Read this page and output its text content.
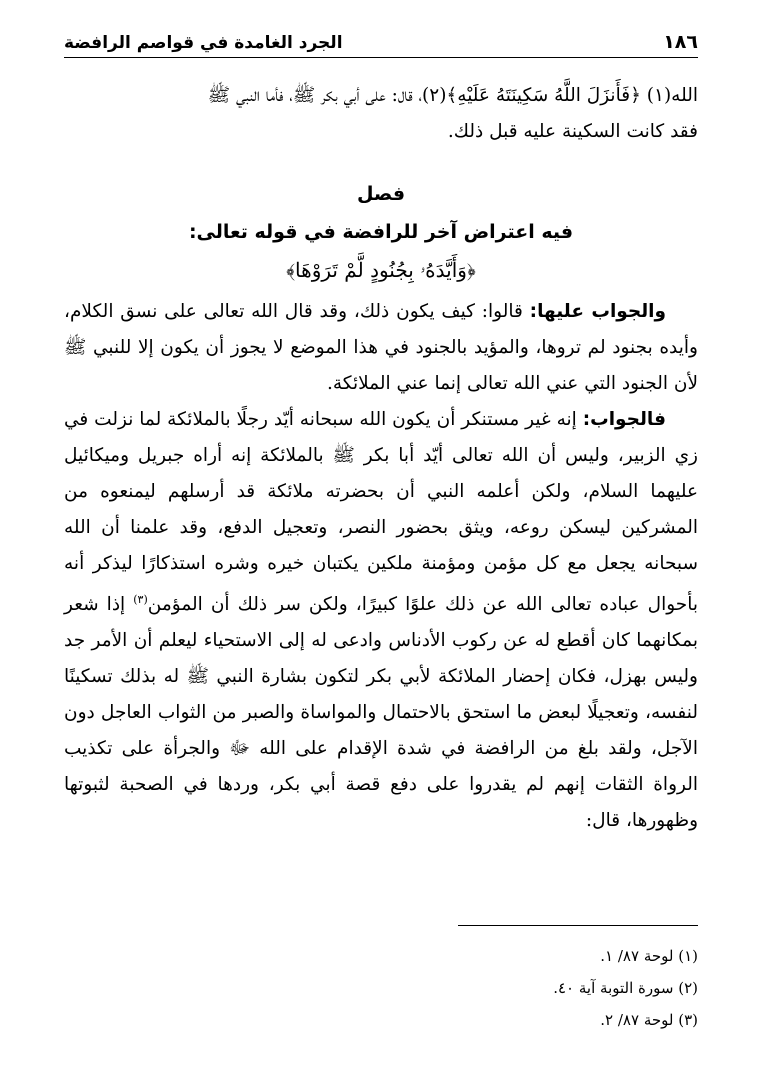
١٨٦
الجرد الغامدة في قواصم الرافضة

الله(١) ﴿فَأَنزَلَ اللَّهُ سَكِينَتَهُ عَلَيْهِ﴾(٢)، قال: على أبي بكر ﷺ، فأما النبي ﷺ
فقد كانت السكينة عليه قبل ذلك.

فصل
فيه اعتراض آخر للرافضة في قوله تعالى:
﴿وَأَيَّدَهُۥ بِجُنُودٍ لَّمْ تَرَوْهَا﴾

والجواب عليها: قالوا: كيف يكون ذلك، وقد قال الله تعالى على نسق الكلام، وأيده بجنود لم تروها، والمؤيد بالجنود في هذا الموضع لا يجوز أن يكون إلا للنبي ﷺ لأن الجنود التي عني الله تعالى إنما عني الملائكة.

فالجواب: إنه غير مستنكر أن يكون الله سبحانه أيّد رجلًا بالملائكة لما نزلت في زي الزبير، وليس أن الله تعالى أيّد أبا بكر ﷺ بالملائكة إنه أراه جبريل وميكائيل عليهما السلام، ولكن أعلمه النبي أن بحضرته ملائكة قد أرسلهم ليمنعوه من المشركين ليسكن روعه، ويثق بحضور النصر، وتعجيل الدفع، وقد علمنا أن الله سبحانه يجعل مع كل مؤمن ومؤمنة ملكين يكتبان خيره وشره استذكارًا ليذكر أنه بأحوال عباده تعالى الله عن ذلك علوًا كبيرًا، ولكن سر ذلك أن المؤمن$^{(٣)}$ إذا شعر بمكانهما كان أقطع له عن ركوب الأدناس وادعى له إلى الاستحياء ليعلم أن الأمر جد وليس بهزل، فكان إحضار الملائكة لأبي بكر لتكون بشارة النبي ﷺ له بذلك تسكينًا لنفسه، وتعجيلًا لبعض ما استحق بالاحتمال والمواساة والصبر من الثواب العاجل دون الآجل، ولقد بلغ من الرافضة في شدة الإقدام على الله ﷻ والجرأة على تكذيب الرواة الثقات إنهم لم يقدروا على دفع قصة أبي بكر، وردها في الصحبة لثبوتها وظهورها، قال:

(١) لوحة ٨٧/ ١.

(٢) سورة التوبة آية ٤٠.

(٣) لوحة ٨٧/ ٢.
